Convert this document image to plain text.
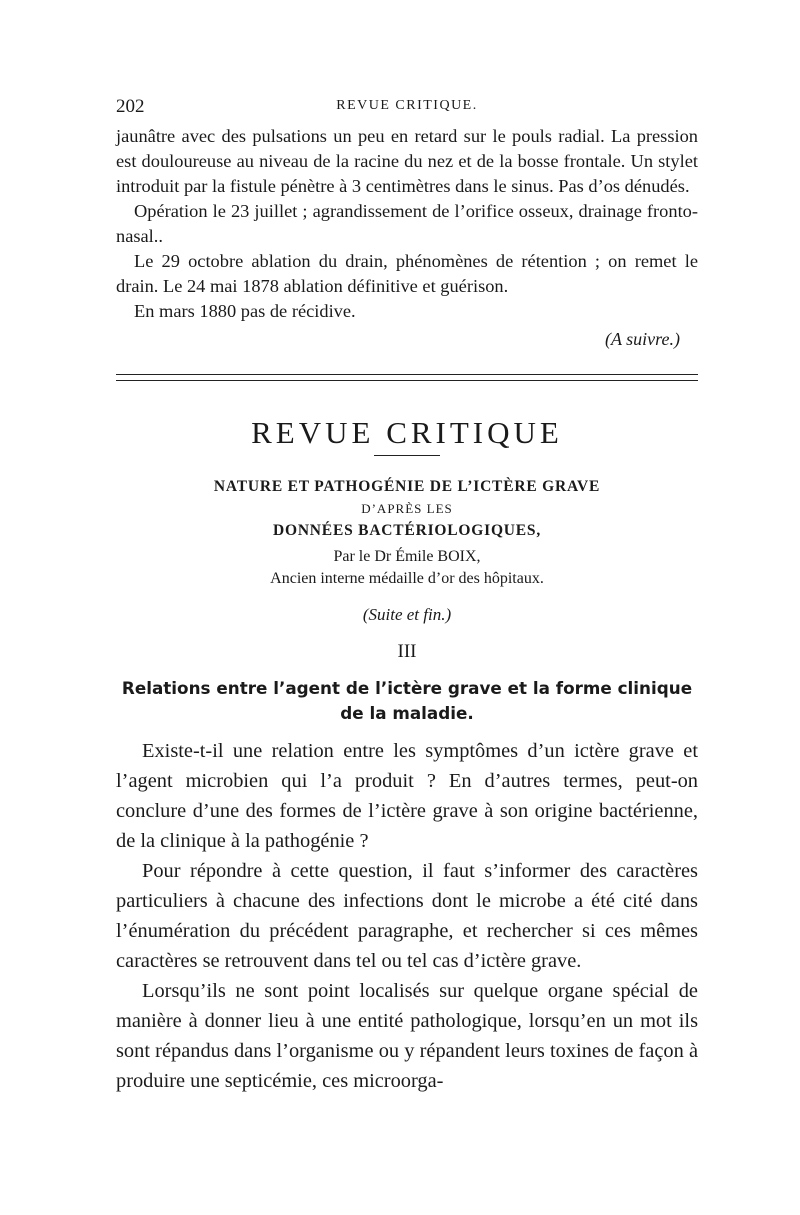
202	REVUE CRITIQUE.

jaunâtre avec des pulsations un peu en retard sur le pouls radial. La pression est douloureuse au niveau de la racine du nez et de la bosse frontale. Un stylet introduit par la fistule pénètre à 3 centimètres dans le sinus. Pas d’os dénudés.

Opération le 23 juillet ; agrandissement de l’orifice osseux, drainage fronto-nasal..

Le 29 octobre ablation du drain, phénomènes de rétention ; on remet le drain. Le 24 mai 1878 ablation définitive et guérison.

En mars 1880 pas de récidive.

(A suivre.)
REVUE CRITIQUE
NATURE ET PATHOGÉNIE DE L’ICTÈRE GRAVE
D’APRÈS LES
DONNÉES BACTÉRIOLOGIQUES,
Par le Dr Émile BOIX,
Ancien interne médaille d’or des hôpitaux.
(Suite et fin.)
III
Relations entre l’agent de l’ictère grave et la forme clinique de la maladie.

Existe-t-il une relation entre les symptômes d’un ictère grave et l’agent microbien qui l’a produit ? En d’autres termes, peut-on conclure d’une des formes de l’ictère grave à son origine bactérienne, de la clinique à la pathogénie ?

Pour répondre à cette question, il faut s’informer des caractères particuliers à chacune des infections dont le microbe a été cité dans l’énumération du précédent paragraphe, et rechercher si ces mêmes caractères se retrouvent dans tel ou tel cas d’ictère grave.

Lorsqu’ils ne sont point localisés sur quelque organe spécial de manière à donner lieu à une entité pathologique, lorsqu’en un mot ils sont répandus dans l’organisme ou y répandent leurs toxines de façon à produire une septicémie, ces microorga-
